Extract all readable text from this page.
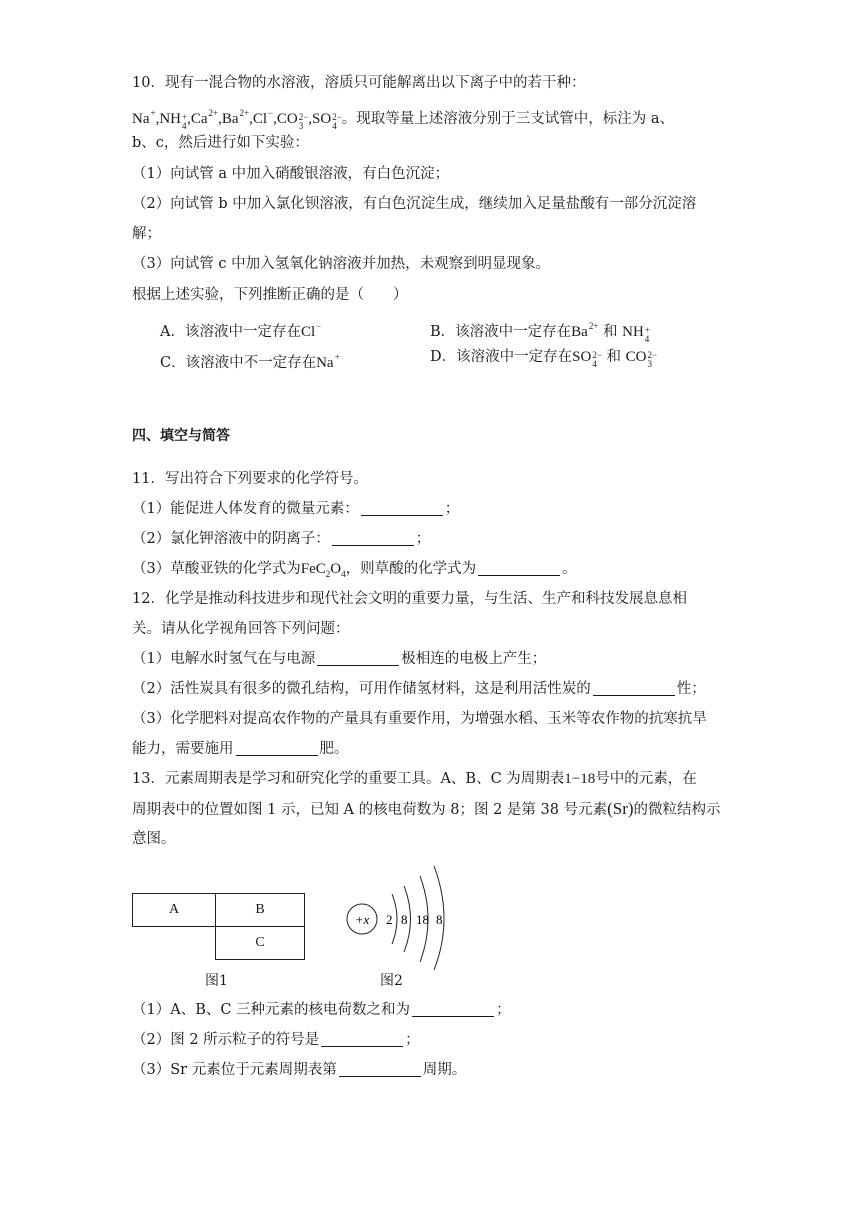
10．现有一混合物的水溶液，溶质只可能解离出以下离子中的若干种：
Na+,NH +
4 $,Ca^{2+},Ba^{2+},Cl^-,CO$ 2−
3 ,SO 2−
4 。现取等量上述溶液分别于三支试管中，标注为 a、
b、c，然后进行如下实验：
（1）向试管 a 中加入硝酸银溶液，有白色沉淀；
（2）向试管 b 中加入氯化钡溶液，有白色沉淀生成，继续加入足量盐酸有一部分沉淀溶
解；
（3）向试管 c 中加入氢氧化钠溶液并加热，未观察到明显现象。
根据上述实验，下列推断正确的是（　　）
A．该溶液中一定存在Cl−	B．该溶液中一定存在$Ba^{2+}$ 和 NH +
4
C．该溶液中不一定存在Na+	D．该溶液中一定存在SO 2−
4 和 CO 2−
3
四、填空与简答
11．写出符合下列要求的化学符号。
（1）能促进人体发育的微量元素：	；
（2）氯化钾溶液中的阴离子：	；
（3）草酸亚铁的化学式为$FeC_2O_4$，则草酸的化学式为	。
12．化学是推动科技进步和现代社会文明的重要力量，与生活、生产和科技发展息息相
关。请从化学视角回答下列问题：
（1）电解水时氢气在与电源	极相连的电极上产生；
（2）活性炭具有很多的微孔结构，可用作储氢材料，这是利用活性炭的	性；
（3）化学肥料对提高农作物的产量具有重要作用，为增强水稻、玉米等农作物的抗寒抗旱
能力，需要施用	肥。
13．元素周期表是学习和研究化学的重要工具。A、B、C 为周期表1−18号中的元素，在
周期表中的位置如图 1 示，已知 A 的核电荷数为 8；图 2 是第 38 号元素(Sr)的微粒结构示
意图。
A	B
	C
图1
+x 2 8 18 8
图2
（1）A、B、C 三种元素的核电荷数之和为	；
（2）图 2 所示粒子的符号是	；
（3）Sr 元素位于元素周期表第	周期。
